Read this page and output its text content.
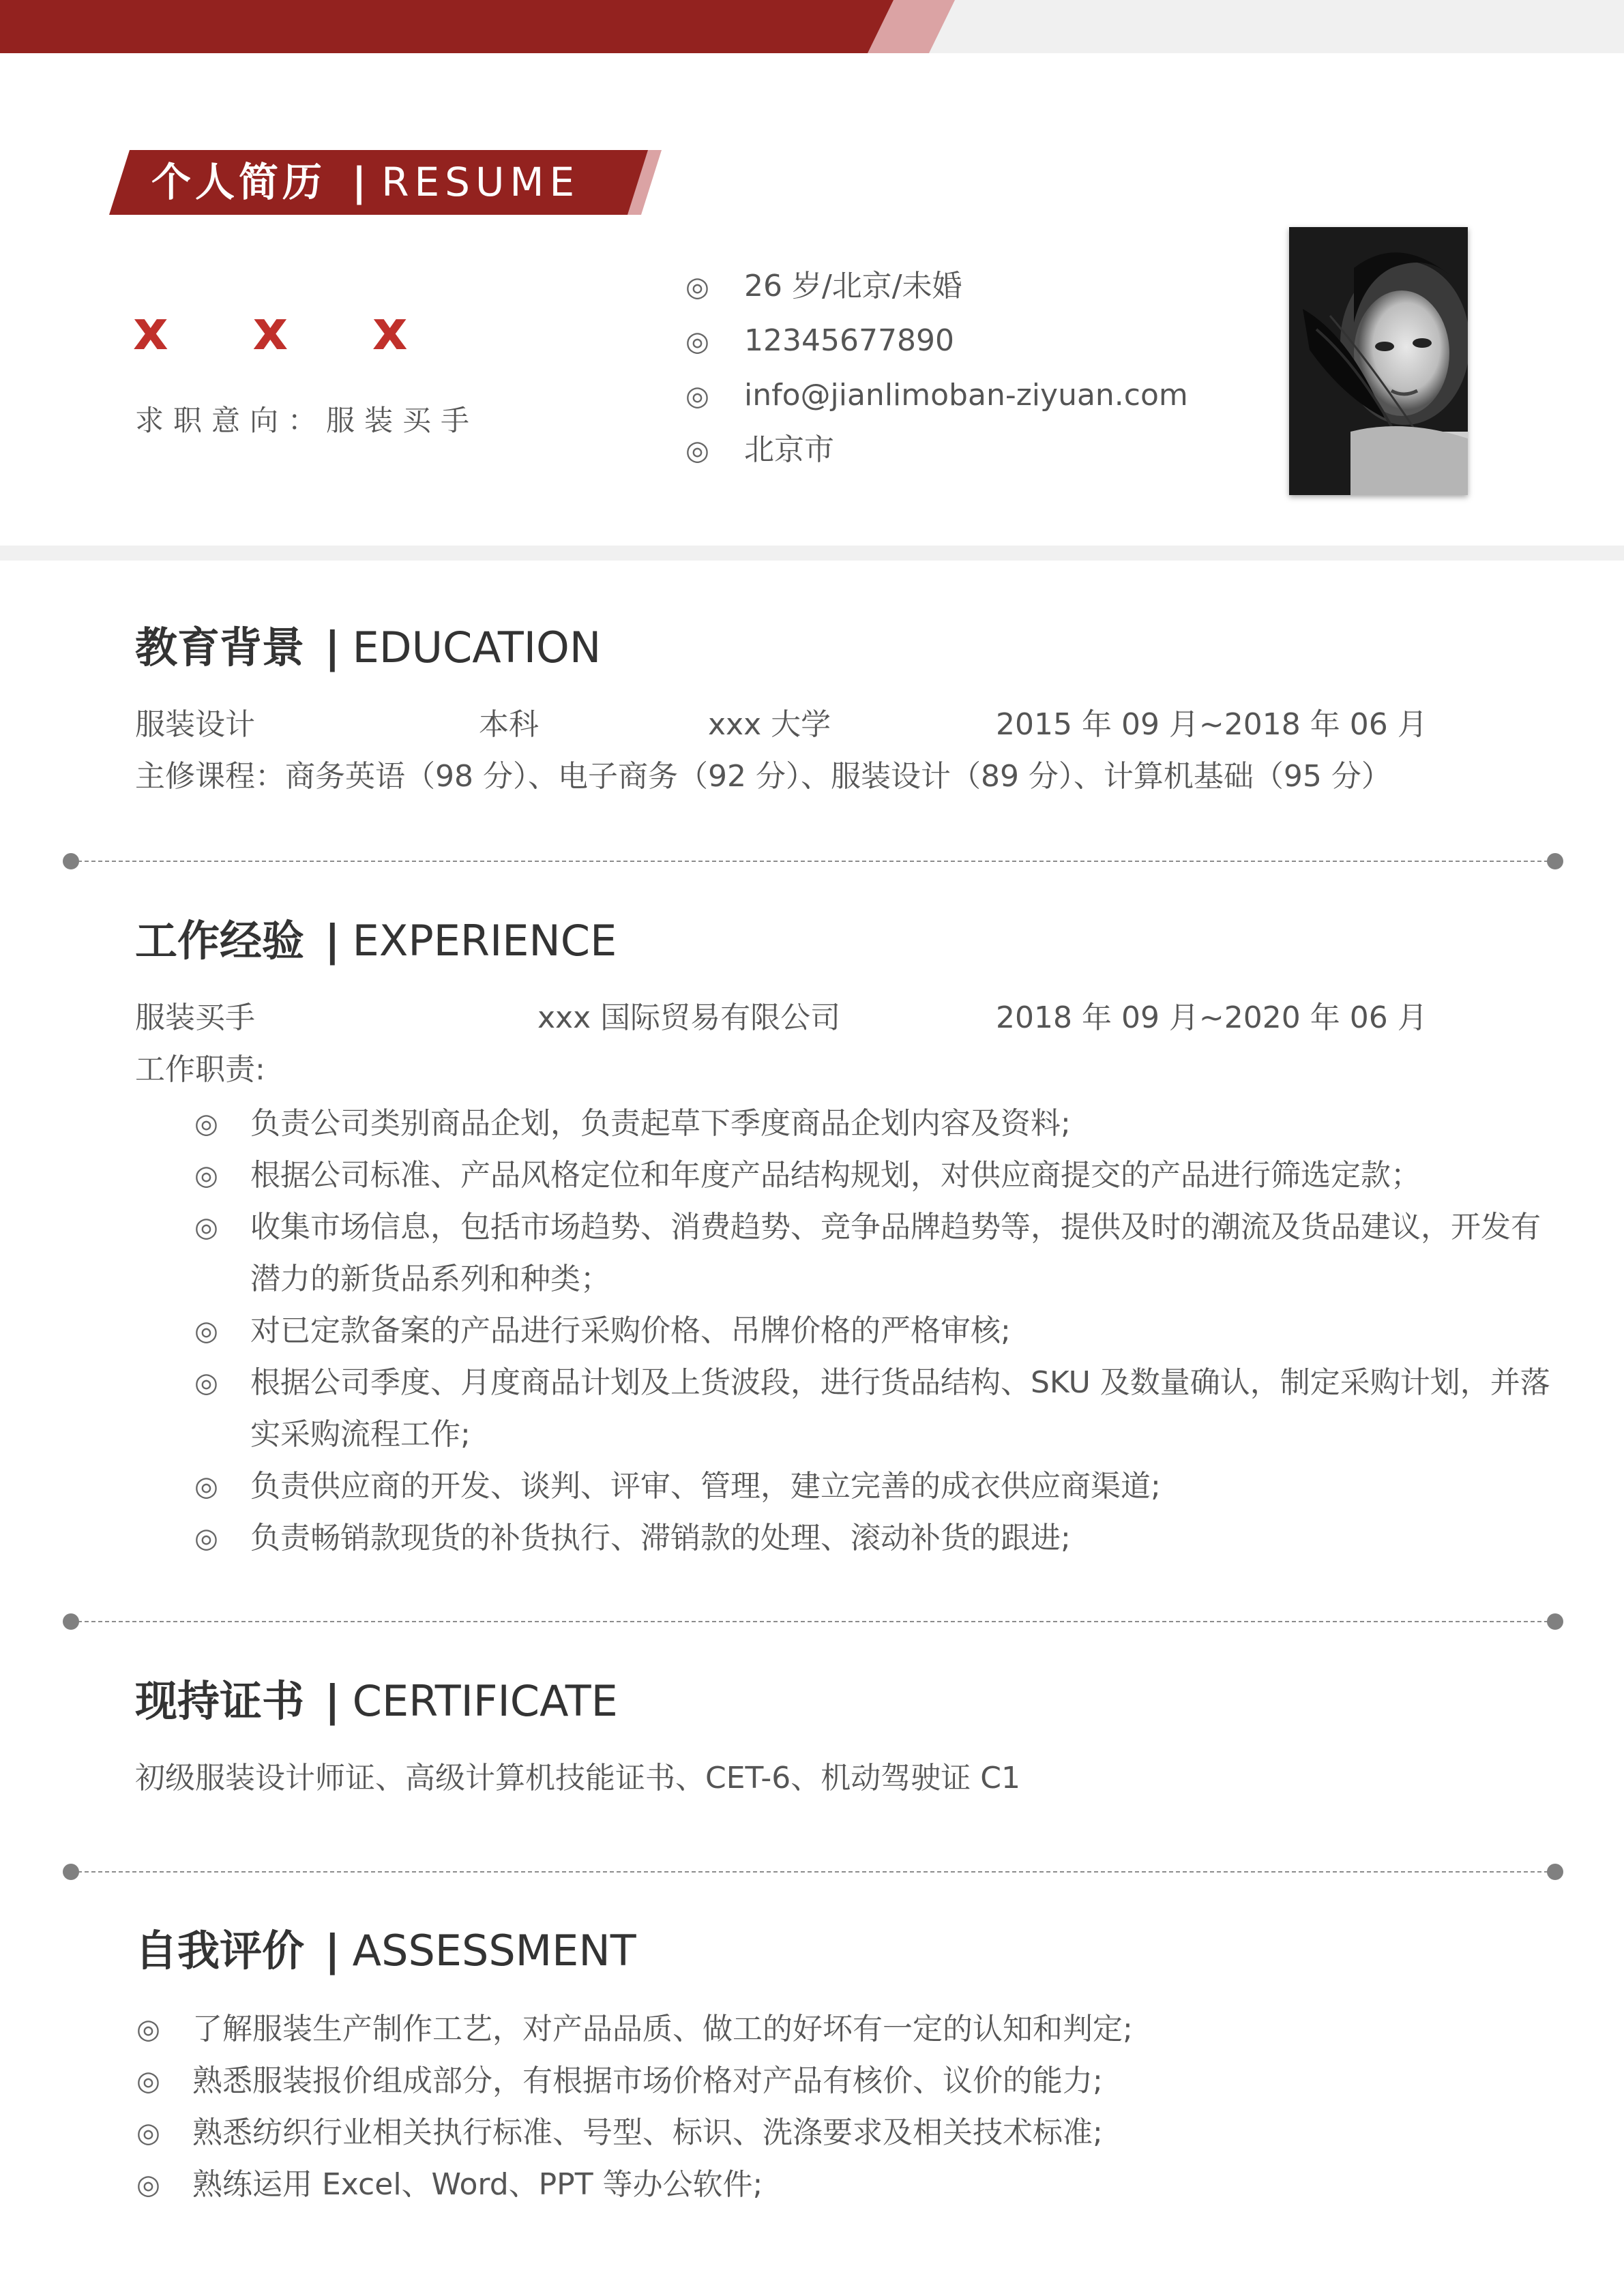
个人简历 | RESUME
x x x
求职意向：服装买手
◎ 26 岁/北京/未婚
◎ 12345677890
◎ info@jianlimoban-ziyuan.com
◎ 北京市
教育背景 | EDUCATION
服装设计	本科	xxx 大学	2015 年 09 月~2018 年 06 月
主修课程：商务英语（98 分）、电子商务（92 分）、服装设计（89 分）、计算机基础（95 分）
工作经验 | EXPERIENCE
服装买手	xxx 国际贸易有限公司	2018 年 09 月~2020 年 06 月
工作职责:
◎ 负责公司类别商品企划，负责起草下季度商品企划内容及资料;
◎ 根据公司标准、产品风格定位和年度产品结构规划，对供应商提交的产品进行筛选定款；
◎ 收集市场信息，包括市场趋势、消费趋势、竞争品牌趋势等，提供及时的潮流及货品建议，开发有
潜力的新货品系列和种类；
◎ 对已定款备案的产品进行采购价格、吊牌价格的严格审核;
◎ 根据公司季度、月度商品计划及上货波段，进行货品结构、SKU 及数量确认，制定采购计划，并落
实采购流程工作;
◎ 负责供应商的开发、谈判、评审、管理，建立完善的成衣供应商渠道;
◎ 负责畅销款现货的补货执行、滞销款的处理、滚动补货的跟进;
现持证书 | CERTIFICATE
初级服装设计师证、高级计算机技能证书、CET-6、机动驾驶证 C1
自我评价 | ASSESSMENT
◎ 了解服装生产制作工艺，对产品品质、做工的好坏有一定的认知和判定;
◎ 熟悉服装报价组成部分，有根据市场价格对产品有核价、议价的能力;
◎ 熟悉纺织行业相关执行标准、号型、标识、洗涤要求及相关技术标准;
◎ 熟练运用 Excel、Word、PPT 等办公软件;
